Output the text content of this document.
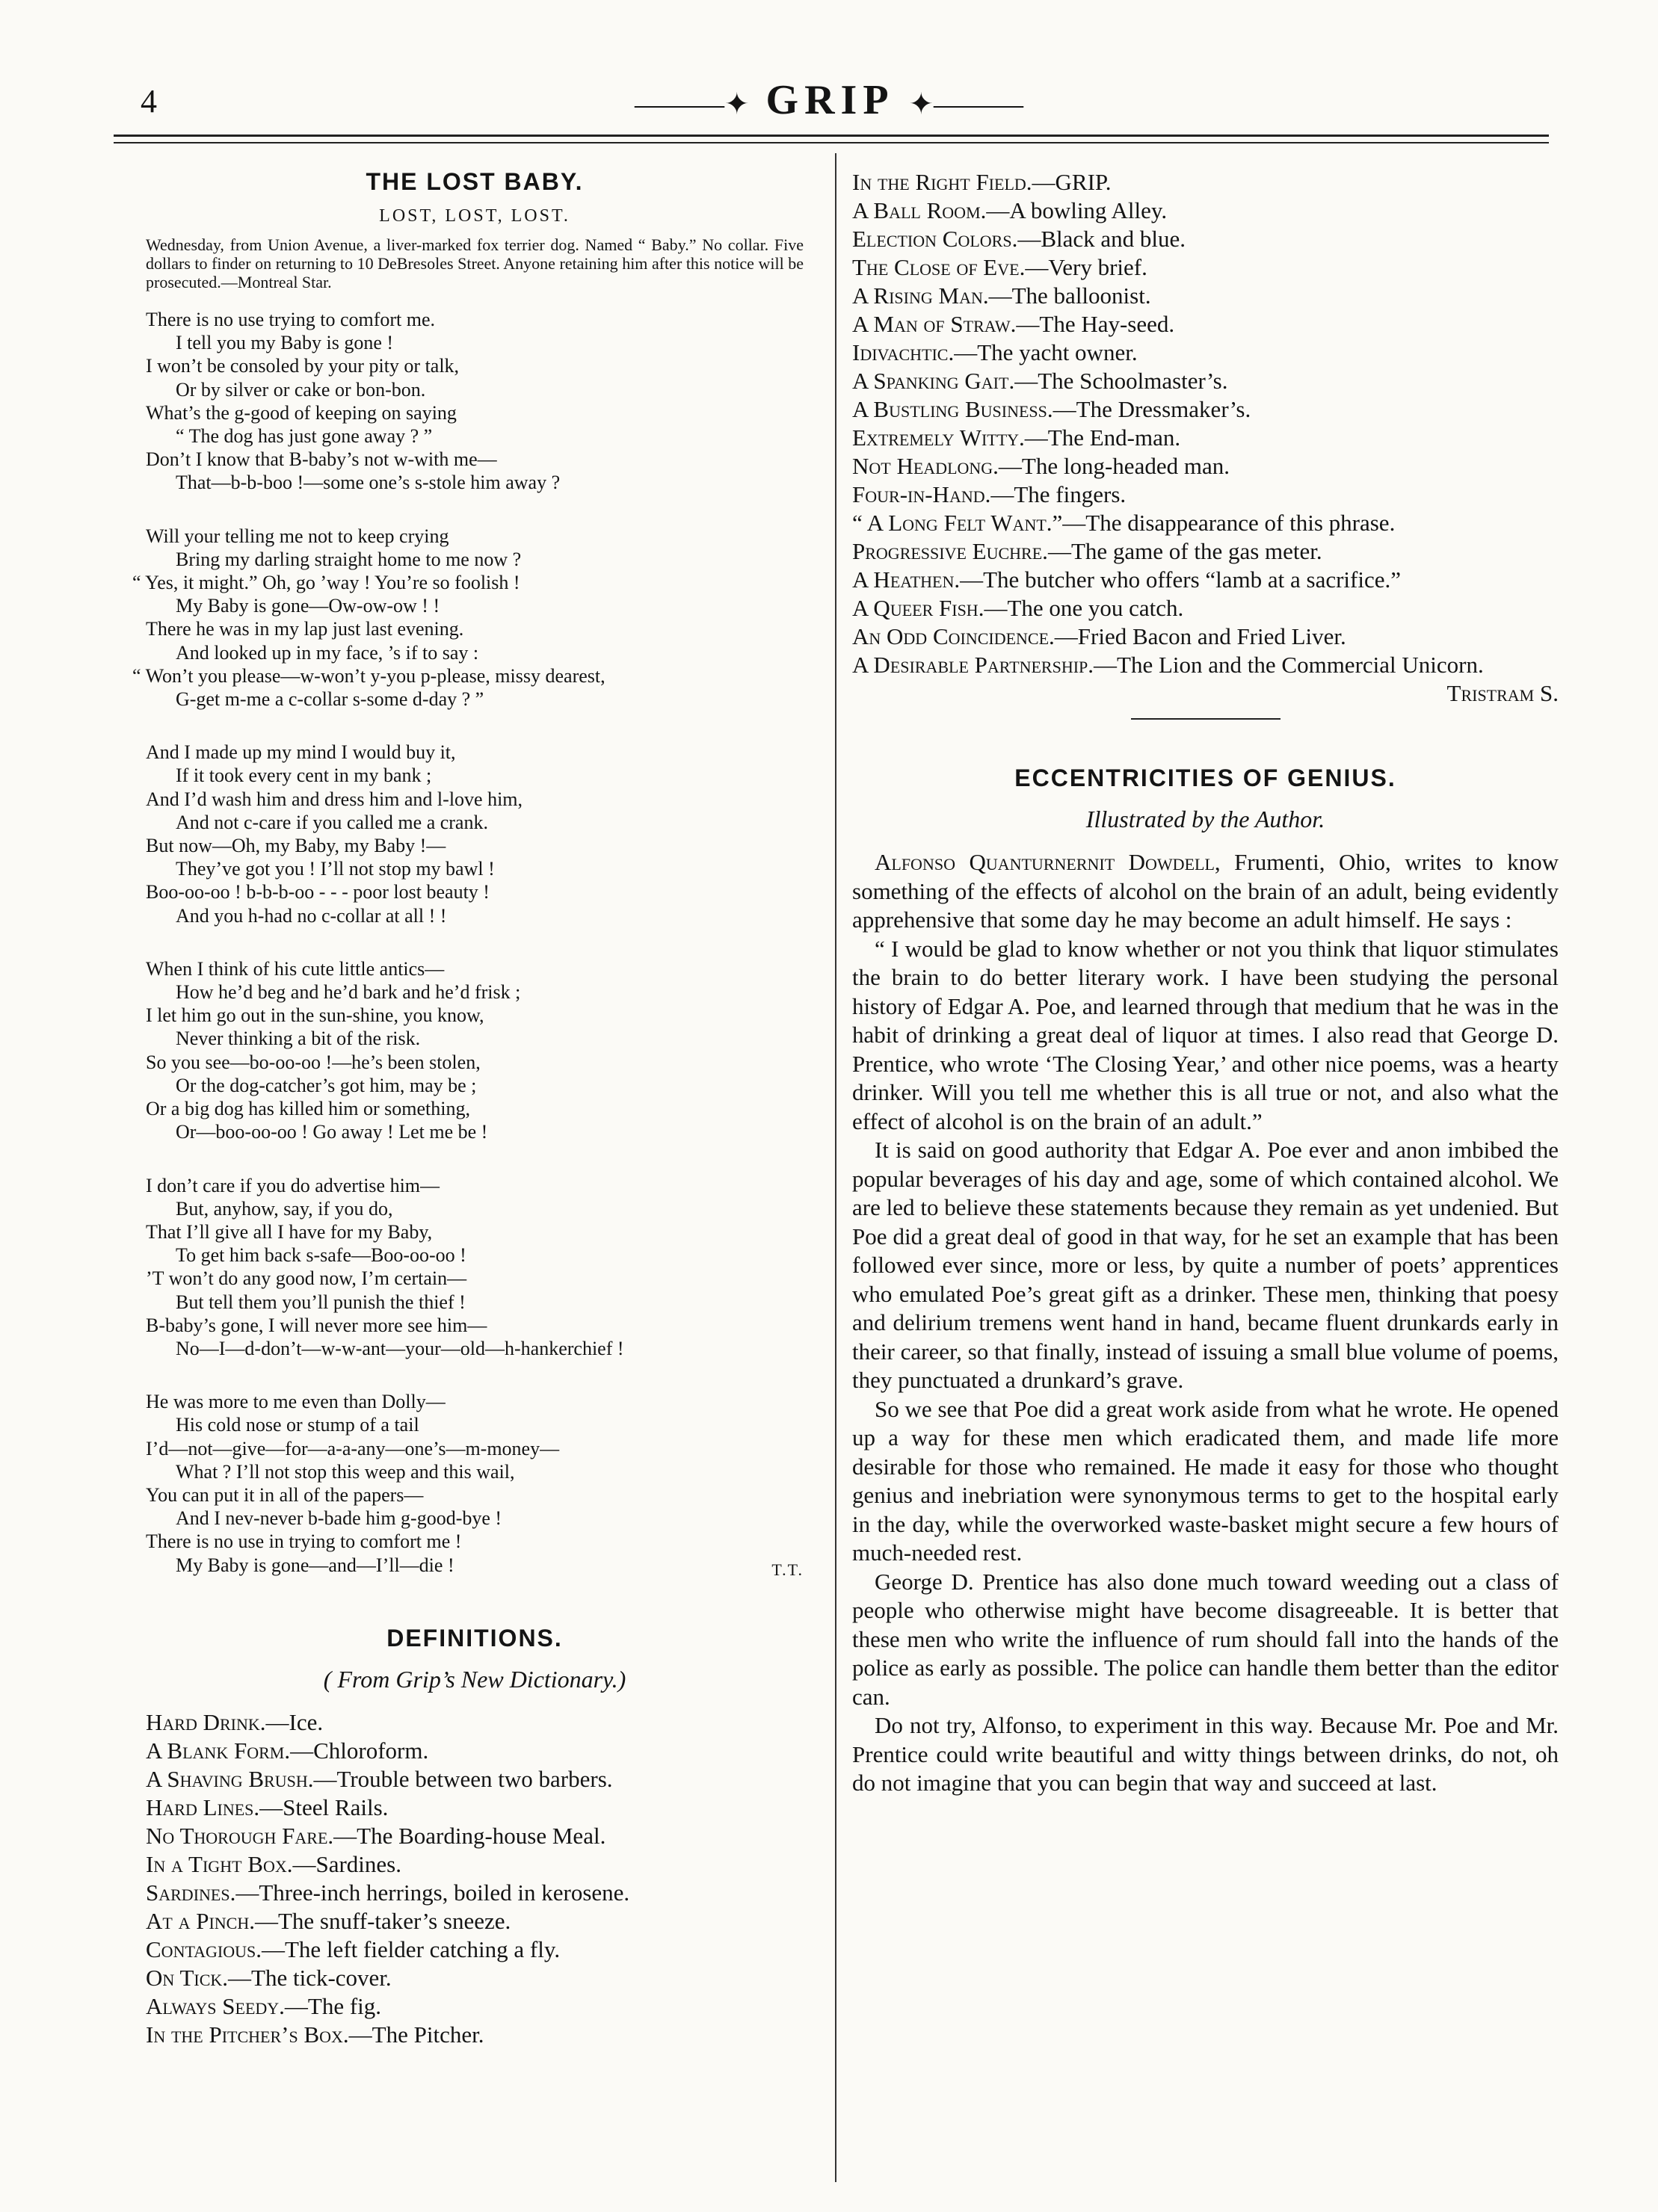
4	———✦ GRIP ✦———
THE LOST BABY.
LOST, LOST, LOST.

Wednesday, from Union Avenue, a liver-marked fox terrier dog. Named “ Baby.” No collar. Five dollars to finder on returning to 10 DeBresoles Street. Anyone retaining him after this notice will be prosecuted.—Montreal Star.

There is no use trying to comfort me.
I tell you my Baby is gone !
I won’t be consoled by your pity or talk,
Or by silver or cake or bon-bon.
What’s the g-good of keeping on saying
“ The dog has just gone away ? ”
Don’t I know that B-baby’s not w-with me—
That—b-b-boo !—some one’s s-stole him away ?
Will your telling me not to keep crying
Bring my darling straight home to me now ?
“ Yes, it might.” Oh, go ’way ! You’re so foolish !
My Baby is gone—Ow-ow-ow ! !
There he was in my lap just last evening.
And looked up in my face, ’s if to say :
“ Won’t you please—w-won’t y-you p-please, missy dearest,
G-get m-me a c-collar s-some d-day ? ”
And I made up my mind I would buy it,
If it took every cent in my bank ;
And I’d wash him and dress him and l-love him,
And not c-care if you called me a crank.
But now—Oh, my Baby, my Baby !—
They’ve got you ! I’ll not stop my bawl !
Boo-oo-oo ! b-b-b-oo - - - poor lost beauty !
And you h-had no c-collar at all ! !
When I think of his cute little antics—
How he’d beg and he’d bark and he’d frisk ;
I let him go out in the sun-shine, you know,
Never thinking a bit of the risk.
So you see—bo-oo-oo !—he’s been stolen,
Or the dog-catcher’s got him, may be ;
Or a big dog has killed him or something,
Or—boo-oo-oo ! Go away ! Let me be !
I don’t care if you do advertise him—
But, anyhow, say, if you do,
That I’ll give all I have for my Baby,
To get him back s-safe—Boo-oo-oo !
’T won’t do any good now, I’m certain—
But tell them you’ll punish the thief !
B-baby’s gone, I will never more see him—
No—I—d-don’t—w-w-ant—your—old—h-hankerchief !
He was more to me even than Dolly—
His cold nose or stump of a tail
I’d—not—give—for—a-a-any—one’s—m-money—
What ? I’ll not stop this weep and this wail,
You can put it in all of the papers—
And I nev-never b-bade him g-good-bye !
There is no use in trying to comfort me !
My Baby is gone—and—I’ll—die !	T.T.
DEFINITIONS.
( From Grip’s New Dictionary.)
Hard Drink.—Ice.
A Blank Form.—Chloroform.
A Shaving Brush.—Trouble between two barbers.
Hard Lines.—Steel Rails.
No Thorough Fare.—The Boarding-house Meal.
In a Tight Box.—Sardines.
Sardines.—Three-inch herrings, boiled in kerosene.
At a Pinch.—The snuff-taker’s sneeze.
Contagious.—The left fielder catching a fly.
On Tick.—The tick-cover.
Always Seedy.—The fig.
In the Pitcher’s Box.—The Pitcher.
In the Right Field.—GRIP.
A Ball Room.—A bowling Alley.
Election Colors.—Black and blue.
The Close of Eve.—Very brief.
A Rising Man.—The balloonist.
A Man of Straw.—The Hay-seed.
Idivachtic.—The yacht owner.
A Spanking Gait.—The Schoolmaster’s.
A Bustling Business.—The Dressmaker’s.
Extremely Witty.—The End-man.
Not Headlong.—The long-headed man.
Four-in-Hand.—The fingers.
“ A Long Felt Want.”—The disappearance of this phrase.
Progressive Euchre.—The game of the gas meter.
A Heathen.—The butcher who offers “lamb at a sacrifice.”
A Queer Fish.—The one you catch.
An Odd Coincidence.—Fried Bacon and Fried Liver.
A Desirable Partnership.—The Lion and the Commercial Unicorn.
Tristram S.
ECCENTRICITIES OF GENIUS.
Illustrated by the Author.

Alfonso Quanturnernit Dowdell, Frumenti, Ohio, writes to know something of the effects of alcohol on the brain of an adult, being evidently apprehensive that some day he may become an adult himself. He says :

“ I would be glad to know whether or not you think that liquor stimulates the brain to do better literary work. I have been studying the personal history of Edgar A. Poe, and learned through that medium that he was in the habit of drinking a great deal of liquor at times. I also read that George D. Prentice, who wrote ‘The Closing Year,’ and other nice poems, was a hearty drinker. Will you tell me whether this is all true or not, and also what the effect of alcohol is on the brain of an adult.”

It is said on good authority that Edgar A. Poe ever and anon imbibed the popular beverages of his day and age, some of which contained alcohol. We are led to believe these statements because they remain as yet undenied. But Poe did a great deal of good in that way, for he set an example that has been followed ever since, more or less, by quite a number of poets’ apprentices who emulated Poe’s great gift as a drinker. These men, thinking that poesy and delirium tremens went hand in hand, became fluent drunkards early in their career, so that finally, instead of issuing a small blue volume of poems, they punctuated a drunkard’s grave.

So we see that Poe did a great work aside from what he wrote. He opened up a way for these men which eradicated them, and made life more desirable for those who remained. He made it easy for those who thought genius and inebriation were synonymous terms to get to the hospital early in the day, while the overworked waste-basket might secure a few hours of much-needed rest.

George D. Prentice has also done much toward weeding out a class of people who otherwise might have become disagreeable. It is better that these men who write the influence of rum should fall into the hands of the police as early as possible. The police can handle them better than the editor can.

Do not try, Alfonso, to experiment in this way. Because Mr. Poe and Mr. Prentice could write beautiful and witty things between drinks, do not, oh do not imagine that you can begin that way and succeed at last.
